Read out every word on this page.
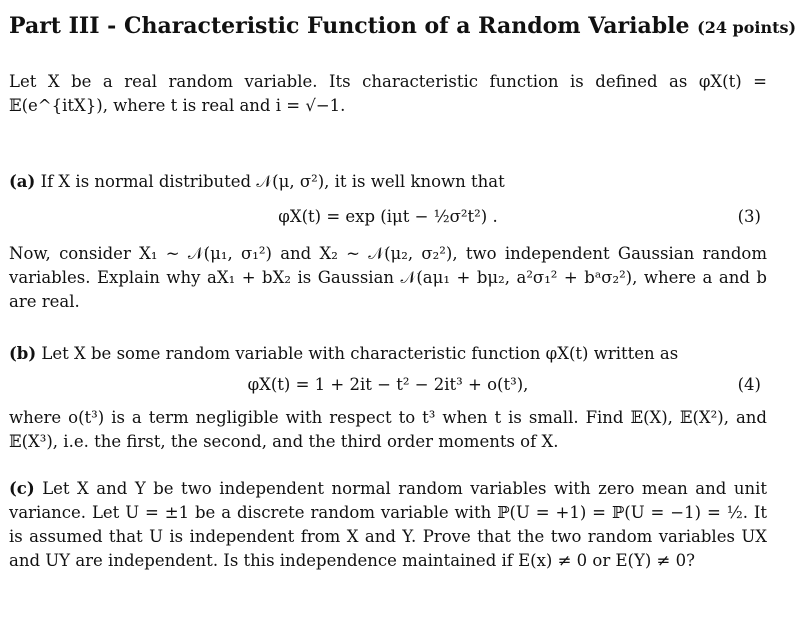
Part III - Characteristic Function of a Random Variable (24 points)

Let X be a real random variable. Its characteristic function is defined as φX(t) = 𝔼(e^{itX}), where t is real and i = √−1.

(a) If X is normal distributed 𝒩(μ, σ²), it is well known that

φX(t) = exp (iμt − ½σ²t²) .	(3)

Now, consider X₁ ~ 𝒩(μ₁, σ₁²) and X₂ ~ 𝒩(μ₂, σ₂²), two independent Gaussian random variables. Explain why aX₁ + bX₂ is Gaussian 𝒩(aμ₁ + bμ₂, a²σ₁² + bᵃσ₂²), where a and b are real.

(b) Let X be some random variable with characteristic function φX(t) written as

φX(t) = 1 + 2it − t² − 2it³ + o(t³),	(4)

where o(t³) is a term negligible with respect to t³ when t is small. Find 𝔼(X), 𝔼(X²), and 𝔼(X³), i.e. the first, the second, and the third order moments of X.

(c) Let X and Y be two independent normal random variables with zero mean and unit variance. Let U = ±1 be a discrete random variable with ℙ(U = +1) = ℙ(U = −1) = ½. It is assumed that U is independent from X and Y. Prove that the two random variables UX and UY are independent. Is this independence maintained if E(x) ≠ 0 or E(Y) ≠ 0?
